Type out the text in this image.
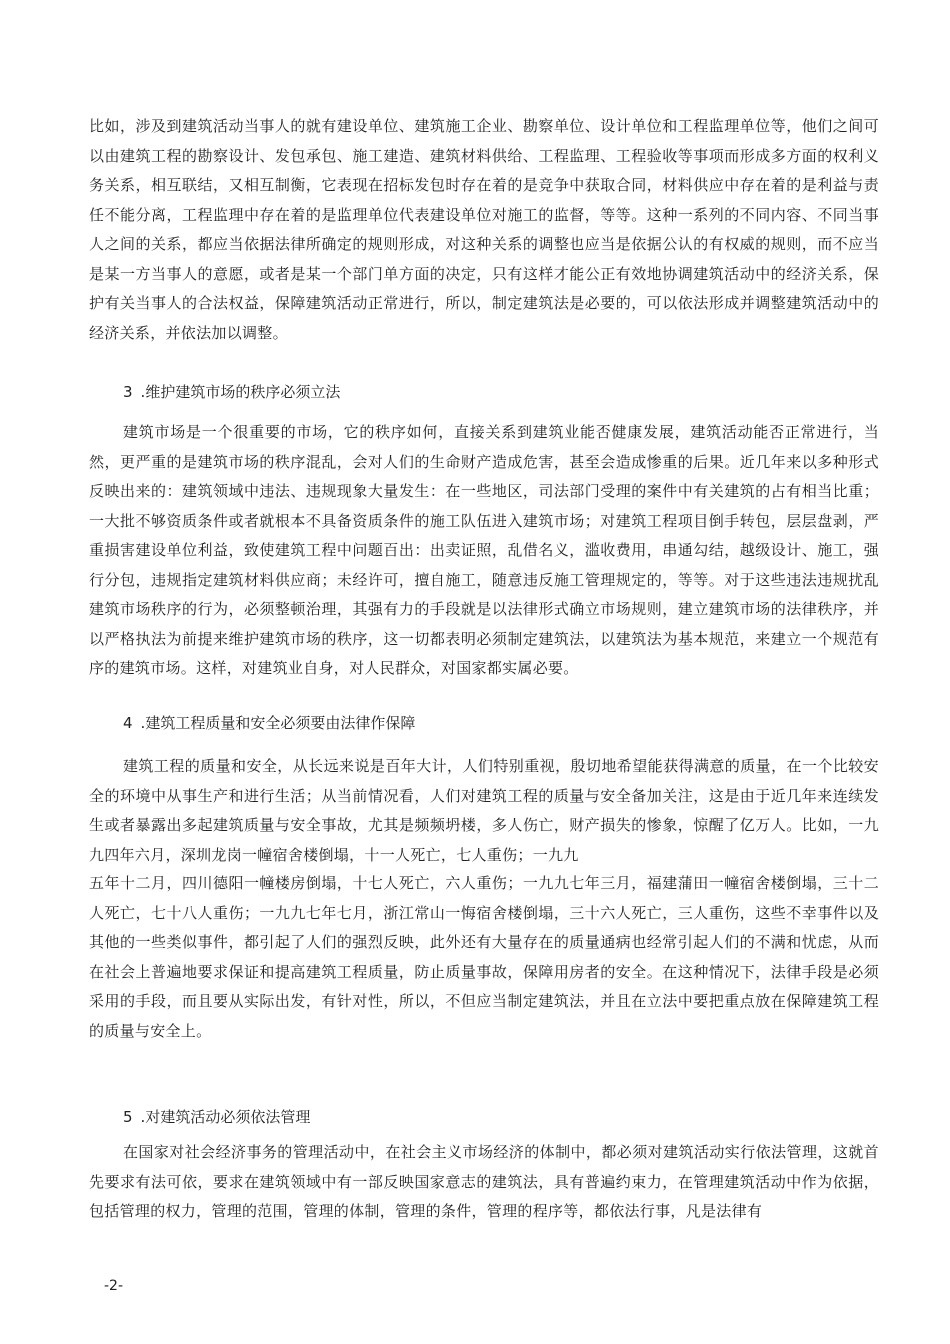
比如，涉及到建筑活动当事人的就有建设单位、建筑施工企业、勘察单位、设计单位和工程监理单位等，他们之间可以由建筑工程的勘察设计、发包承包、施工建造、建筑材料供给、工程监理、工程验收等事项而形成多方面的权利义务关系，相互联结，又相互制衡，它表现在招标发包时存在着的是竞争中获取合同，材料供应中存在着的是利益与责任不能分离，工程监理中存在着的是监理单位代表建设单位对施工的监督，等等。这种一系列的不同内容、不同当事人之间的关系，都应当依据法律所确定的规则形成，对这种关系的调整也应当是依据公认的有权威的规则，而不应当是某一方当事人的意愿，或者是某一个部门单方面的决定，只有这样才能公正有效地协调建筑活动中的经济关系，保护有关当事人的合法权益，保障建筑活动正常进行，所以，制定建筑法是必要的，可以依法形成并调整建筑活动中的经济关系，并依法加以调整。

3 .维护建筑市场的秩序必须立法

建筑市场是一个很重要的市场，它的秩序如何，直接关系到建筑业能否健康发展，建筑活动能否正常进行，当然，更严重的是建筑市场的秩序混乱，会对人们的生命财产造成危害，甚至会造成惨重的后果。近几年来以多种形式反映出来的：建筑领域中违法、违规现象大量发生：在一些地区，司法部门受理的案件中有关建筑的占有相当比重；一大批不够资质条件或者就根本不具备资质条件的施工队伍进入建筑市场；对建筑工程项目倒手转包，层层盘剥，严重损害建设单位利益，致使建筑工程中问题百出：出卖证照，乱借名义，滥收费用，串通勾结，越级设计、施工，强行分包，违规指定建筑材料供应商；未经许可，擅自施工，随意违反施工管理规定的，等等。对于这些违法违规扰乱建筑市场秩序的行为，必须整顿治理，其强有力的手段就是以法律形式确立市场规则，建立建筑市场的法律秩序，并以严格执法为前提来维护建筑市场的秩序，这一切都表明必须制定建筑法，以建筑法为基本规范，来建立一个规范有序的建筑市场。这样，对建筑业自身，对人民群众，对国家都实属必要。

4 .建筑工程质量和安全必须要由法律作保障

建筑工程的质量和安全，从长远来说是百年大计，人们特别重视，殷切地希望能获得满意的质量，在一个比较安全的环境中从事生产和进行生活；从当前情况看，人们对建筑工程的质量与安全备加关注，这是由于近几年来连续发生或者暴露出多起建筑质量与安全事故，尤其是频频坍楼，多人伤亡，财产损失的惨象，惊醒了亿万人。比如，一九九四年六月，深圳龙岗一幢宿舍楼倒塌，十一人死亡，七人重伤；一九九

五年十二月，四川德阳一幢楼房倒塌，十七人死亡，六人重伤；一九九七年三月，福建蒲田一幢宿舍楼倒塌，三十二人死亡，七十八人重伤；一九九七年七月，浙江常山一悔宿舍楼倒塌，三十六人死亡，三人重伤，这些不幸事件以及其他的一些类似事件，都引起了人们的强烈反映，此外还有大量存在的质量通病也经常引起人们的不满和忧虑，从而在社会上普遍地要求保证和提高建筑工程质量，防止质量事故，保障用房者的安全。在这种情况下，法律手段是必须采用的手段，而且要从实际出发，有针对性，所以，不但应当制定建筑法，并且在立法中要把重点放在保障建筑工程的质量与安全上。

5 .对建筑活动必须依法管理

在国家对社会经济事务的管理活动中，在社会主义市场经济的体制中，都必须对建筑活动实行依法管理，这就首先要求有法可依，要求在建筑领域中有一部反映国家意志的建筑法，具有普遍约束力，在管理建筑活动中作为依据，包括管理的权力，管理的范围，管理的体制，管理的条件，管理的程序等，都依法行事，凡是法律有

-2-
